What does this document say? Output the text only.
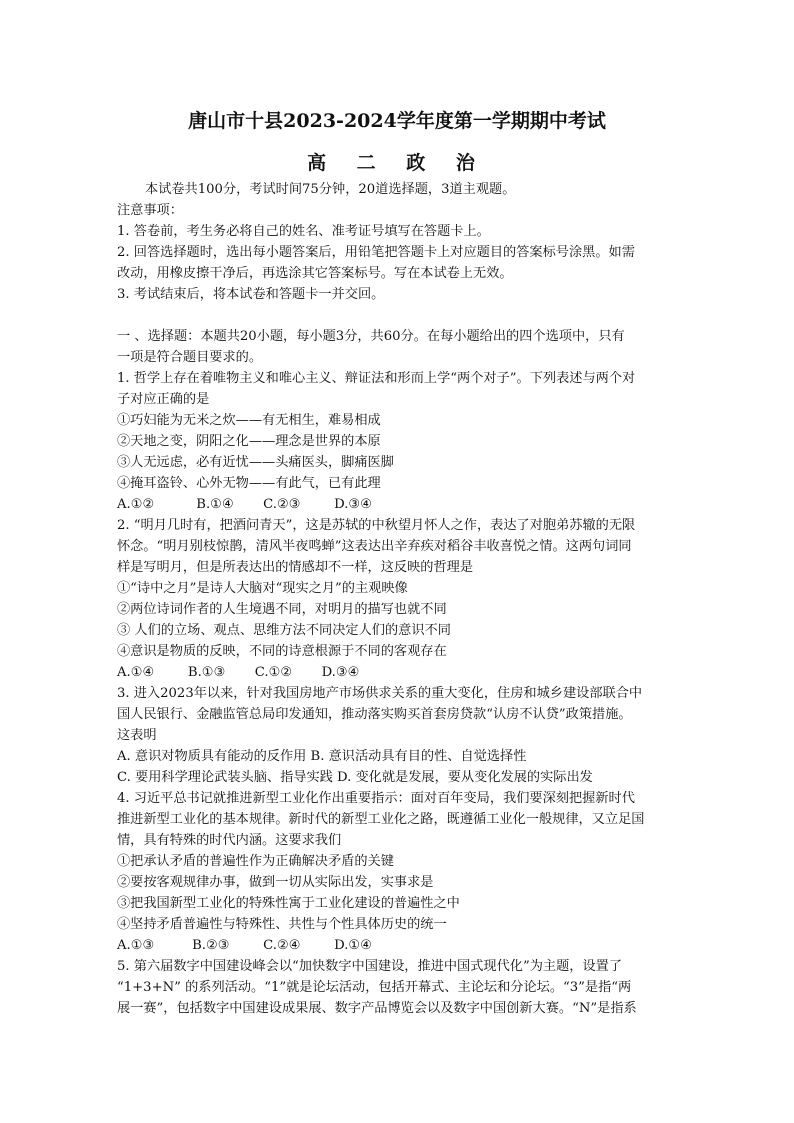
唐山市十县2023-2024学年度第一学期期中考试
高 二 政 治
本试卷共100分，考试时间75分钟，20道选择题，3道主观题。
注意事项：
1. 答卷前，考生务必将自己的姓名、准考证号填写在答题卡上。
2. 回答选择题时，选出每小题答案后，用铅笔把答题卡上对应题目的答案标号涂黑。如需
改动，用橡皮擦干净后，再选涂其它答案标号。写在本试卷上无效。
3. 考试结束后，将本试卷和答题卡一并交回。
一 、选择题：本题共20小题，每小题3分，共60分。在每小题给出的四个选项中，只有
一项是符合题目要求的。
1. 哲学上存在着唯物主义和唯心主义、辩证法和形而上学“两个对子”。下列表述与两个对
子对应正确的是
①巧妇能为无米之炊——有无相生，难易相成
②天地之变，阴阳之化——理念是世界的本原
③人无远虑，必有近忧——头痛医头，脚痛医脚
④掩耳盗铃、心外无物——有此气，已有此理
A.①②          B.①④       C.②③        D.③④
2. “明月几时有，把酒问青天”，这是苏轼的中秋望月怀人之作，表达了对胞弟苏辙的无限
怀念。“明月别枝惊鹊，清风半夜鸣蝉”这表达出辛弃疾对稻谷丰收喜悦之情。这两句词同
样是写明月，但是所表达出的情感却不一样，这反映的哲理是
①“诗中之月”是诗人大脑对“现实之月”的主观映像
②两位诗词作者的人生境遇不同，对明月的描写也就不同
③ 人们的立场、观点、思维方法不同决定人们的意识不同
④意识是物质的反映，不同的诗意根源于不同的客观存在
A.①④        B.①③       C.①②       D.③④
3. 进入2023年以来，针对我国房地产市场供求关系的重大变化，住房和城乡建设部联合中
国人民银行、金融监管总局印发通知，推动落实购买首套房贷款“认房不认贷”政策措施。
这表明
A. 意识对物质具有能动的反作用 B. 意识活动具有目的性、自觉选择性
C. 要用科学理论武装头脑、指导实践 D. 变化就是发展，要从变化发展的实际出发
4. 习近平总书记就推进新型工业化作出重要指示：面对百年变局，我们要深刻把握新时代
推进新型工业化的基本规律。新时代的新型工业化之路，既遵循工业化一般规律，又立足国
情，具有特殊的时代内涵。这要求我们
①把承认矛盾的普遍性作为正确解决矛盾的关键
②要按客观规律办事，做到一切从实际出发，实事求是
③把我国新型工业化的特殊性寓于工业化建设的普遍性之中
④坚持矛盾普遍性与特殊性、共性与个性具体历史的统一
A.①③         B.②③        C.②④        D.①④
5. 第六届数字中国建设峰会以“加快数字中国建设，推进中国式现代化”为主题，设置了
“1+3+N” 的系列活动。“1”就是论坛活动，包括开幕式、主论坛和分论坛。“3”是指“两
展一赛”，包括数字中国建设成果展、数字产品博览会以及数字中国创新大赛。“N”是指系
